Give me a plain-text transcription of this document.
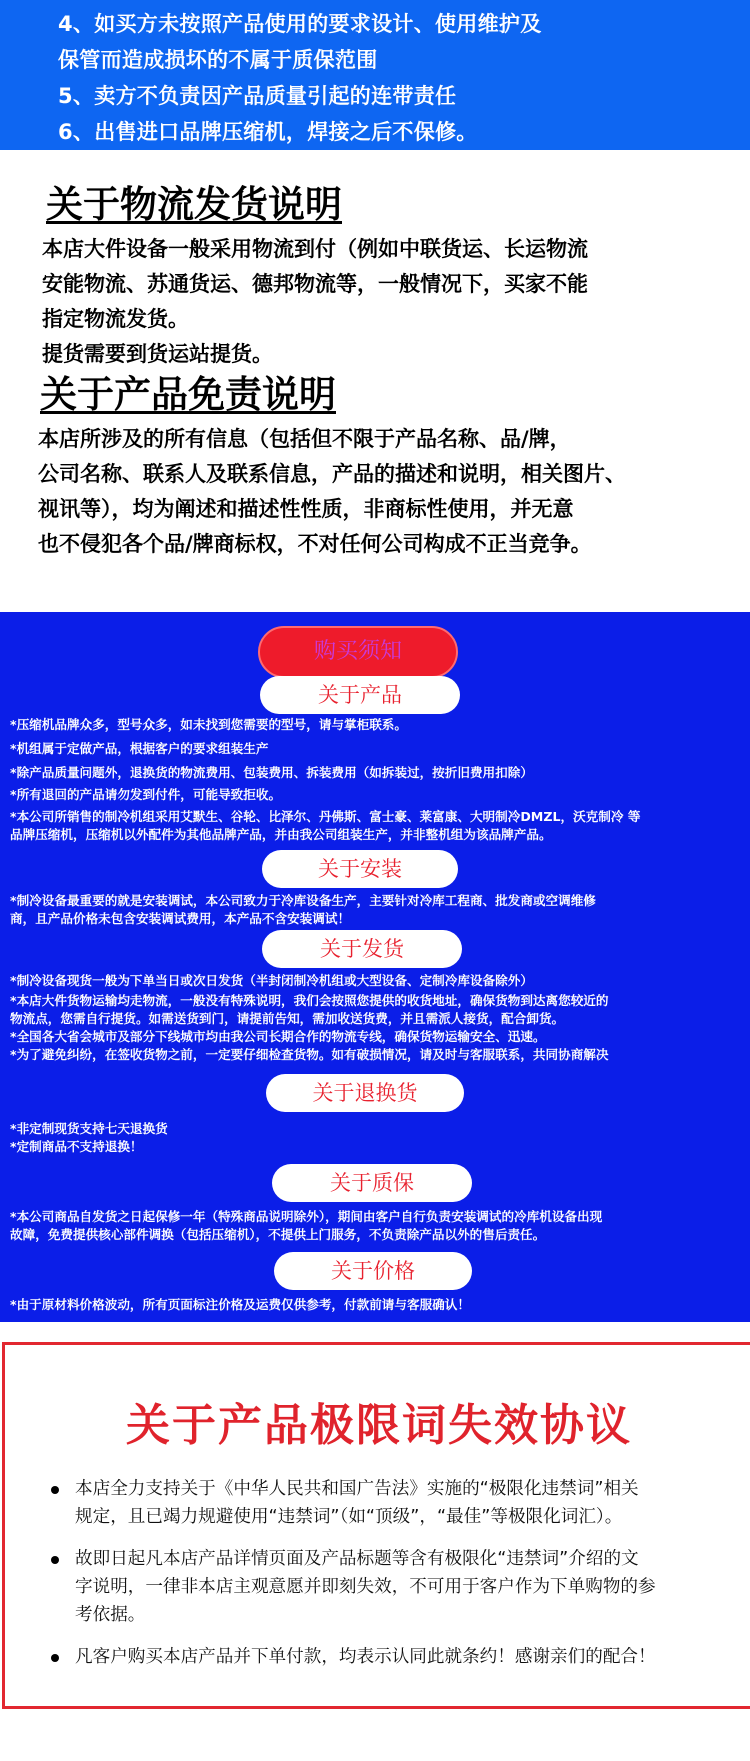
4、如买方未按照产品使用的要求设计、使用维护及

保管而造成损坏的不属于质保范围

5、卖方不负责因产品质量引起的连带责任

6、出售进口品牌压缩机，焊接之后不保修。

关于物流发货说明

本店大件设备一般采用物流到付（例如中联货运、长运物流

安能物流、苏通货运、德邦物流等，一般情况下，买家不能

指定物流发货。

提货需要到货运站提货。

关于产品免责说明

本店所涉及的所有信息（包括但不限于产品名称、品/牌，

公司名称、联系人及联系信息，产品的描述和说明，相关图片、

视讯等），均为阐述和描述性性质，非商标性使用，并无意

也不侵犯各个品/牌商标权，不对任何公司构成不正当竞争。

购买须知
关于产品

*压缩机品牌众多，型号众多，如未找到您需要的型号，请与掌柜联系。

*机组属于定做产品，根据客户的要求组装生产

*除产品质量问题外，退换货的物流费用、包装费用、拆装费用（如拆装过，按折旧费用扣除）

*所有退回的产品请勿发到付件，可能导致拒收。

*本公司所销售的制冷机组采用艾默生、谷轮、比泽尔、丹佛斯、富士豪、莱富康、大明制冷DMZL，沃克制冷 等

品牌压缩机，压缩机以外配件为其他品牌产品，并由我公司组装生产，并非整机组为该品牌产品。

关于安装

*制冷设备最重要的就是安装调试，本公司致力于冷库设备生产，主要针对冷库工程商、批发商或空调维修

商，且产品价格未包含安装调试费用，本产品不含安装调试！

关于发货

*制冷设备现货一般为下单当日或次日发货（半封闭制冷机组或大型设备、定制冷库设备除外）

*本店大件货物运输均走物流，一般没有特殊说明，我们会按照您提供的收货地址，确保货物到达离您较近的

物流点，您需自行提货。如需送货到门，请提前告知，需加收送货费，并且需派人接货，配合卸货。

*全国各大省会城市及部分下线城市均由我公司长期合作的物流专线，确保货物运输安全、迅速。

*为了避免纠纷，在签收货物之前，一定要仔细检查货物。如有破损情况，请及时与客服联系，共同协商解决

关于退换货

*非定制现货支持七天退换货

*定制商品不支持退换！

关于质保

*本公司商品自发货之日起保修一年（特殊商品说明除外），期间由客户自行负责安装调试的冷库机设备出现

故障，免费提供核心部件调换（包括压缩机），不提供上门服务，不负责除产品以外的售后责任。

关于价格

*由于原材料价格波动，所有页面标注价格及运费仅供参考，付款前请与客服确认！

关于产品极限词失效协议

本店全力支持关于《中华人民共和国广告法》实施的“极限化违禁词”相关

规定，且已竭力规避使用“违禁词”（如“顶级”，“最佳”等极限化词汇）。

故即日起凡本店产品详情页面及产品标题等含有极限化“违禁词”介绍的文

字说明，一律非本店主观意愿并即刻失效，不可用于客户作为下单购物的参

考依据。

凡客户购买本店产品并下单付款，均表示认同此就条约！感谢亲们的配合！
